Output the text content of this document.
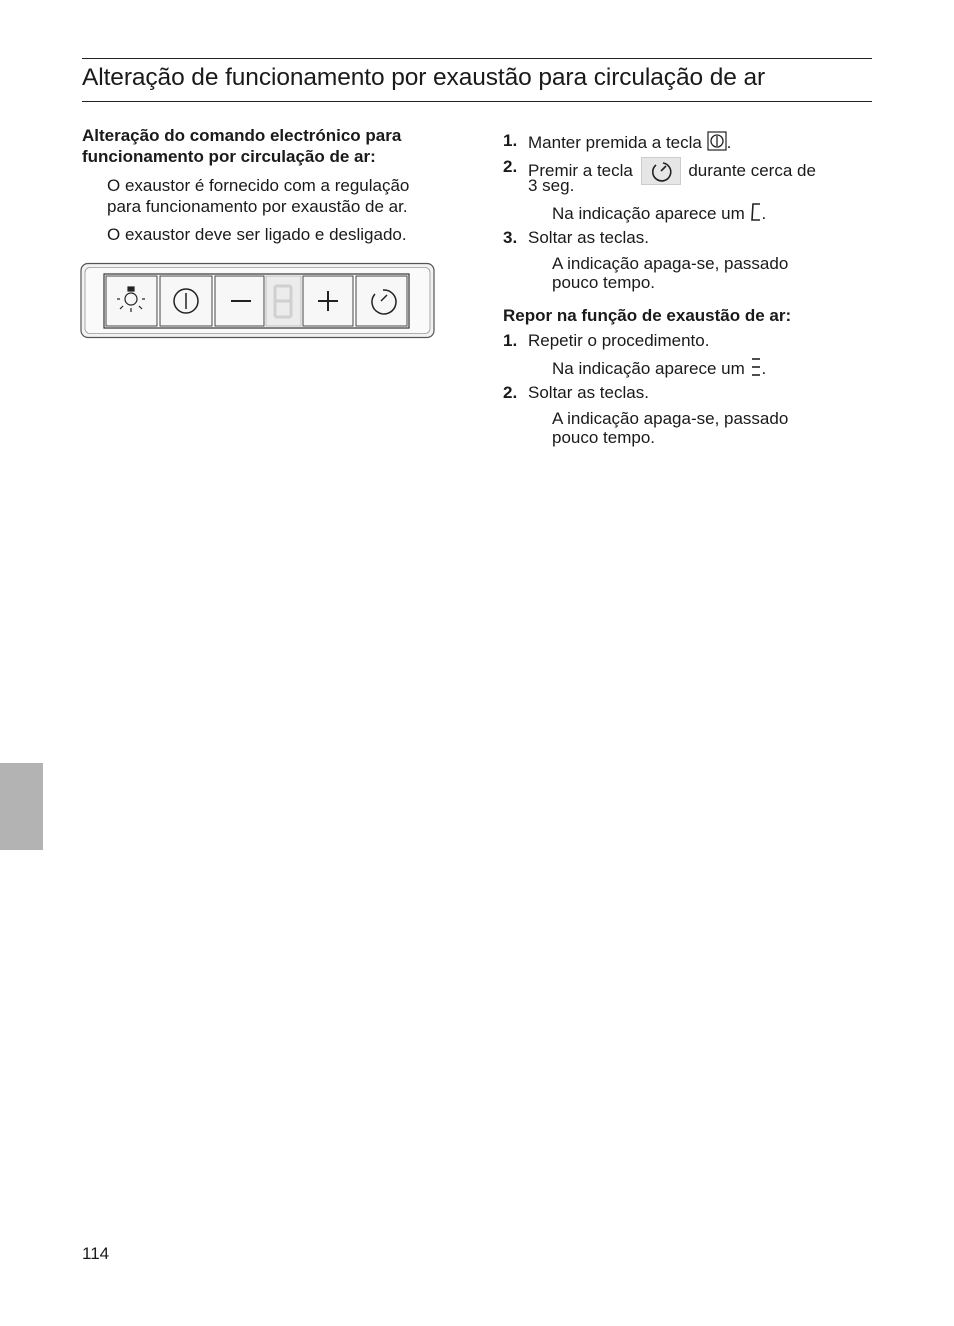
Alteração de funcionamento por exaustão para circulação de ar

Alteração do comando electrónico para

funcionamento por circulação de ar:

O exaustor é fornecido com a regulação

para funcionamento por exaustão de ar.

O exaustor deve ser ligado e desligado.

1. Manter premida a tecla .

2. Premir a tecla	durante cerca de

3 seg.

Na indicação aparece um .

3. Soltar as teclas.

A indicação apaga-se, passado

pouco tempo.

Repor na função de exaustão de ar:

1. Repetir o procedimento.

Na indicação aparece um .

2. Soltar as teclas.

A indicação apaga-se, passado

pouco tempo.

114
